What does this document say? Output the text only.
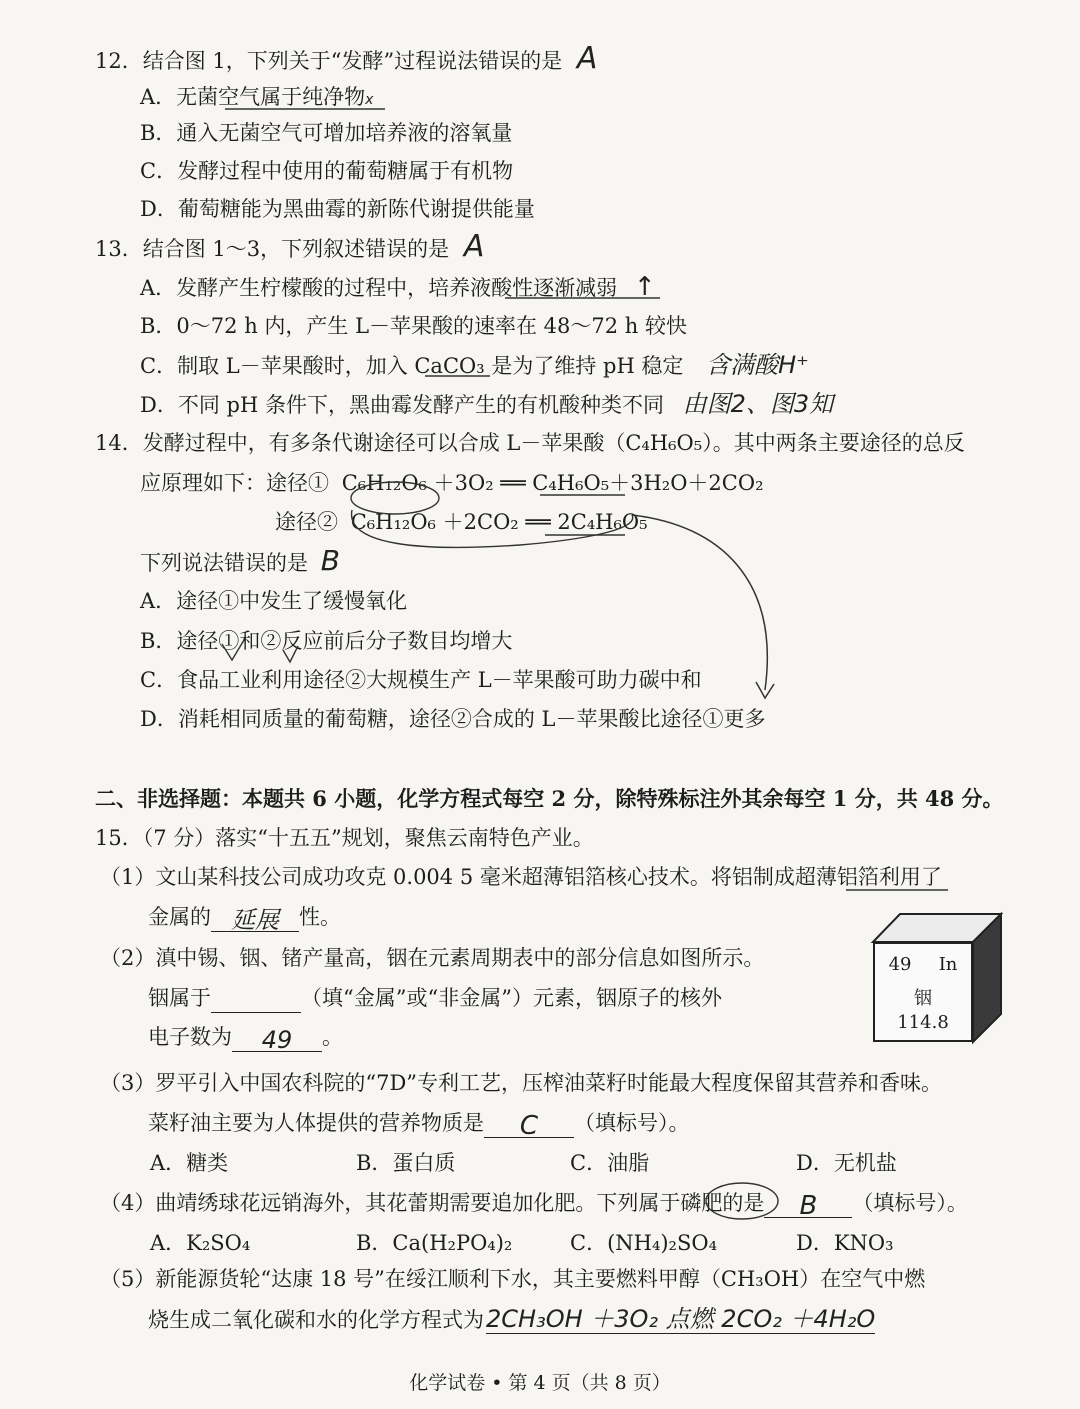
12．结合图 1，下列关于“发酵”过程说法错误的是 A
A．无菌空气属于纯净物x
B．通入无菌空气可增加培养液的溶氧量
C．发酵过程中使用的葡萄糖属于有机物
D．葡萄糖能为黑曲霉的新陈代谢提供能量
13．结合图 1～3，下列叙述错误的是 A
A．发酵产生柠檬酸的过程中，培养液酸性逐渐减弱 ↑
B．0～72 h 内，产生 L－苹果酸的速率在 48～72 h 较快
C．制取 L－苹果酸时，加入 CaCO₃ 是为了维持 pH 稳定 含满酸H⁺
D．不同 pH 条件下，黑曲霉发酵产生的有机酸种类不同 由图2、图3知
14．发酵过程中，有多条代谢途径可以合成 L－苹果酸（C₄H₆O₅）。其中两条主要途径的总反
应原理如下：途径① C₆H₁₂O₆ ＋3O₂ ══ C₄H₆O₅＋3H₂O＋2CO₂
途径② C₆H₁₂O₆ ＋2CO₂ ══ 2C₄H₆O₅
下列说法错误的是 B
A．途径①中发生了缓慢氧化
B．途径①和②反应前后分子数目均增大
C．食品工业利用途径②大规模生产 L－苹果酸可助力碳中和
D．消耗相同质量的葡萄糖，途径②合成的 L－苹果酸比途径①更多
二、非选择题：本题共 6 小题，化学方程式每空 2 分，除特殊标注外其余每空 1 分，共 48 分。
15．（7 分）落实“十五五”规划，聚焦云南特色产业。
（1）文山某科技公司成功攻克 0.004 5 毫米超薄铝箔核心技术。将铝制成超薄铝箔利用了
金属的 延展 性。
（2）滇中锡、铟、锗产量高，铟在元素周期表中的部分信息如图所示。
铟属于	（填“金属”或“非金属”）元素，铟原子的核外
电子数为 49 。
49 In
铟
114.8
（3）罗平引入中国农科院的“7D”专利工艺，压榨油菜籽时能最大程度保留其营养和香味。
菜籽油主要为人体提供的营养物质是 C （填标号）。
A．糖类	B．蛋白质	C．油脂	D．无机盐
（4）曲靖绣球花远销海外，其花蕾期需要追加化肥。下列属于磷肥的是 B （填标号）。
A．K₂SO₄	B．Ca(H₂PO₄)₂	C．(NH₄)₂SO₄	D．KNO₃
（5）新能源货轮“达康 18 号”在绥江顺利下水，其主要燃料甲醇（CH₃OH）在空气中燃
烧生成二氧化碳和水的化学方程式为2CH₃OH ＋3O₂ 点燃 2CO₂ ＋4H₂O
化学试卷 • 第 4 页（共 8 页）
